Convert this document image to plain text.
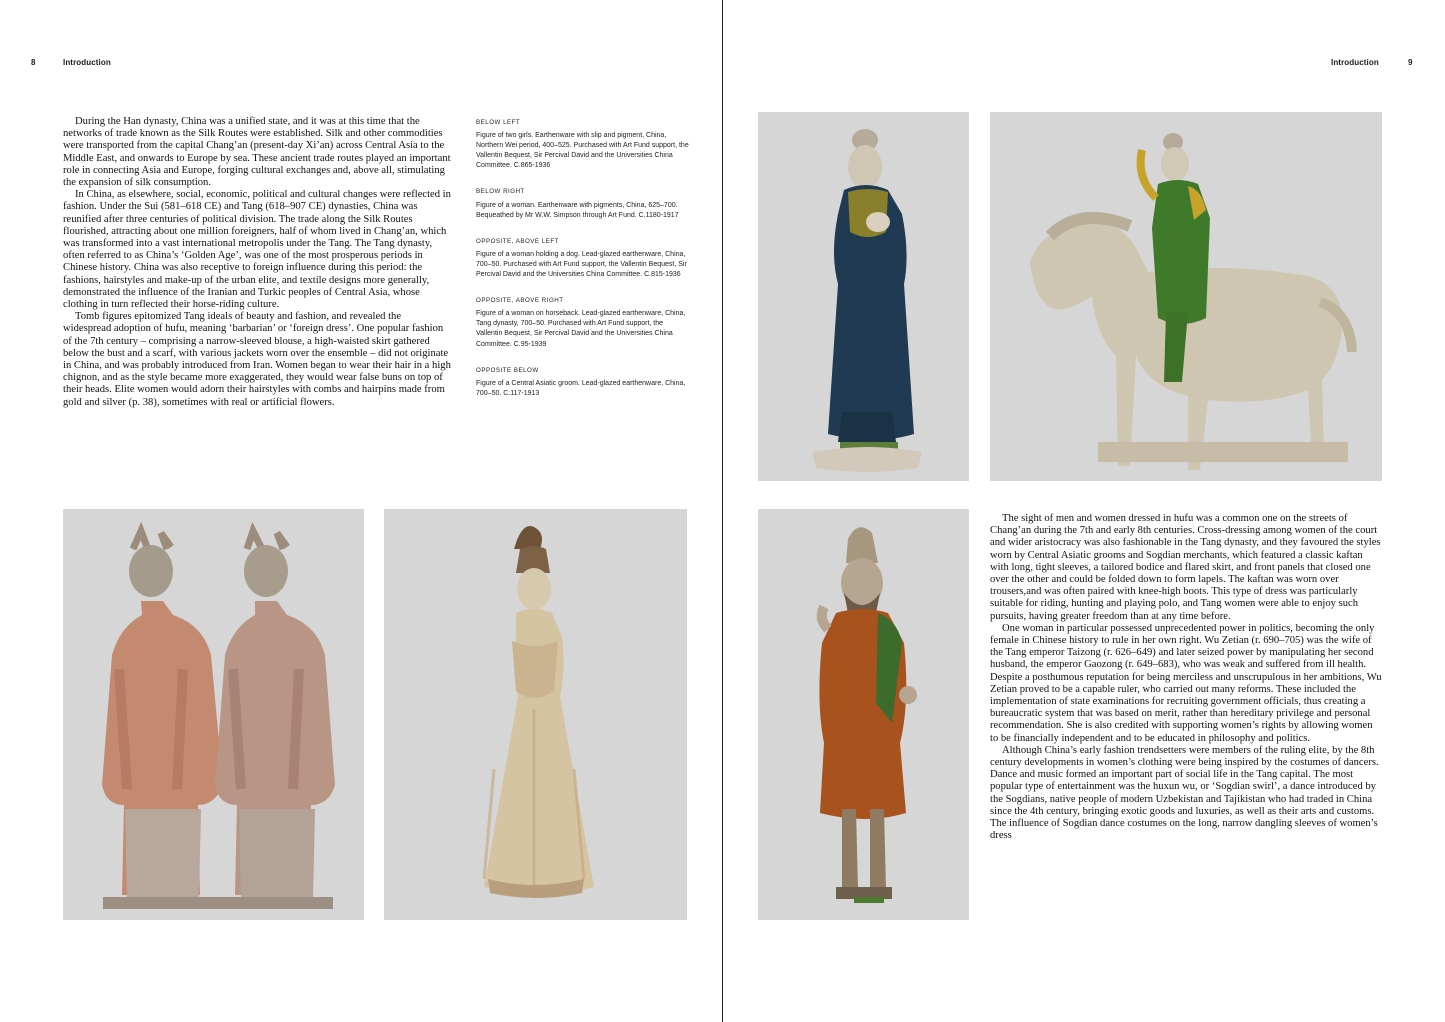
8	Introduction

During the Han dynasty, China was a unified state, and it was at this time that the networks of trade known as the Silk Routes were established. Silk and other commodities were transported from the capital Chang’an (present-day Xi’an) across Central Asia to the Middle East, and onwards to Europe by sea. These ancient trade routes played an important role in connecting Asia and Europe, forging cultural exchanges and, above all, stimulating the expansion of silk consumption.

In China, as elsewhere, social, economic, political and cultural changes were reflected in fashion. Under the Sui (581–618 CE) and Tang (618–907 CE) dynasties, China was reunified after three centuries of political division. The trade along the Silk Routes flourished, attracting about one million foreigners, half of whom lived in Chang’an, which was transformed into a vast international metropolis under the Tang. The Tang dynasty, often referred to as China’s ‘Golden Age’, was one of the most prosperous periods in Chinese history. China was also receptive to foreign influence during this period: the fashions, hairstyles and make-up of the urban elite, and textile designs more generally, demonstrated the influence of the Iranian and Turkic peoples of Central Asia, whose clothing in turn reflected their horse-riding culture.

Tomb figures epitomized Tang ideals of beauty and fashion, and revealed the widespread adoption of hufu, meaning ‘barbarian’ or ‘foreign dress’. One popular fashion of the 7th century – comprising a narrow-sleeved blouse, a high-waisted skirt gathered below the bust and a scarf, with various jackets worn over the ensemble – did not originate in China, and was probably introduced from Iran. Women began to wear their hair in a high chignon, and as the style became more exaggerated, they would wear false buns on top of their heads. Elite women would adorn their hairstyles with combs and hairpins made from gold and silver (p. 38), sometimes with real or artificial flowers.

BELOW LEFT
Figure of two girls. Earthenware with slip and pigment, China, Northern Wei period, 400–525. Purchased with Art Fund support, the Vallentin Bequest, Sir Percival David and the Universities China Committee. C.865-1936
BELOW RIGHT
Figure of a woman. Earthenware with pigments, China, 625–700. Bequeathed by Mr W.W. Simpson through Art Fund. C.1180-1917
OPPOSITE, ABOVE LEFT
Figure of a woman holding a dog. Lead-glazed earthenware, China, 700–50. Purchased with Art Fund support, the Vallentin Bequest, Sir Percival David and the Universities China Committee. C.815-1936
OPPOSITE, ABOVE RIGHT
Figure of a woman on horseback. Lead-glazed earthenware, China, Tang dynasty, 700–50. Purchased with Art Fund support, the Vallentin Bequest, Sir Percival David and the Universities China Committee. C.95-1939
OPPOSITE BELOW
Figure of a Central Asiatic groom. Lead-glazed earthenware, China, 700–50. C.117-1913
Introduction	9

The sight of men and women dressed in hufu was a common one on the streets of Chang’an during the 7th and early 8th centuries. Cross-dressing among women of the court and wider aristocracy was also fashionable in the Tang dynasty, and they favoured the styles worn by Central Asiatic grooms and Sogdian merchants, which featured a classic kaftan with long, tight sleeves, a tailored bodice and flared skirt, and front panels that closed one over the other and could be folded down to form lapels. The kaftan was worn over trousers,and was often paired with knee-high boots. This type of dress was particularly suitable for riding, hunting and playing polo, and Tang women were able to enjoy such pursuits, having greater freedom than at any time before.

One woman in particular possessed unprecedented power in politics, becoming the only female in Chinese history to rule in her own right. Wu Zetian (r. 690–705) was the wife of the Tang emperor Taizong (r. 626–649) and later seized power by manipulating her second husband, the emperor Gaozong (r. 649–683), who was weak and suffered from ill health. Despite a posthumous reputation for being merciless and unscrupulous in her ambitions, Wu Zetian proved to be a capable ruler, who carried out many reforms. These included the implementation of state examinations for recruiting government officials, thus creating a bureaucratic system that was based on merit, rather than hereditary privilege and personal recommendation. She is also credited with supporting women’s rights by allowing women to be financially independent and to be educated in philosophy and politics.

Although China’s early fashion trendsetters were members of the ruling elite, by the 8th century developments in women’s clothing were being inspired by the costumes of dancers. Dance and music formed an important part of social life in the Tang capital. The most popular type of entertainment was the huxun wu, or ‘Sogdian swirl’, a dance introduced by the Sogdians, native people of modern Uzbekistan and Tajikistan who had traded in China since the 4th century, bringing exotic goods and luxuries, as well as their arts and customs. The influence of Sogdian dance costumes on the long, narrow dangling sleeves of women’s dress
